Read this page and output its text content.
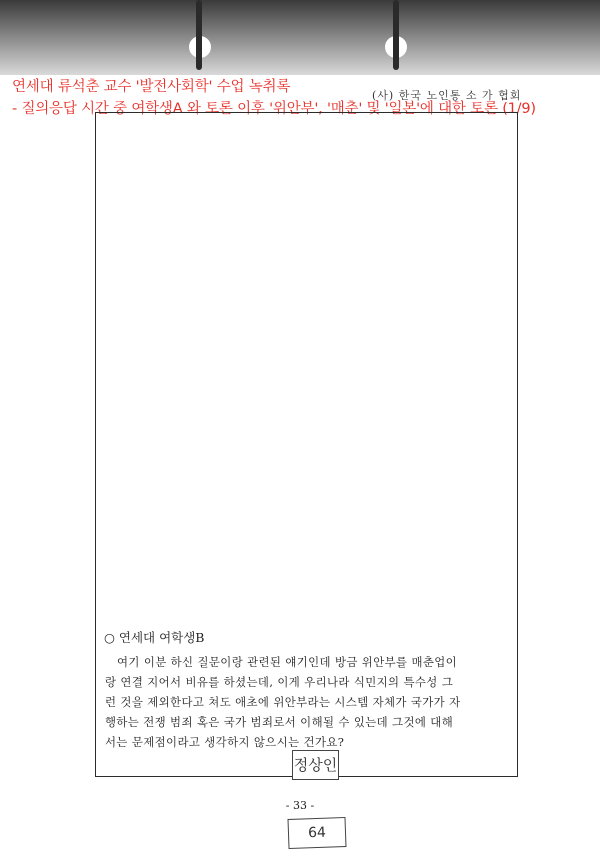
연세대 류석춘 교수 '발전사회학' 수업 녹취록
- 질의응답 시간 중 여학생A 와 토론 이후 '위안부', '매춘' 및 '일본'에 대한 토론 (1/9)
(사) 한국 노인통 소 가 협회
○ 연세대 여학생B
여기 이분 하신 질문이랑 관련된 얘기인데 방금 위안부를 매춘업이
랑 연결 지어서 비유를 하셨는데, 이게 우리나라 식민지의 특수성 그
런 것을 제외한다고 쳐도 애초에 위안부라는 시스템 자체가 국가가 자
행하는 전쟁 범죄 혹은 국가 범죄로서 이해될 수 있는데 그것에 대해
서는 문제점이라고 생각하지 않으시는 건가요?
정상인
- 33 -
64
